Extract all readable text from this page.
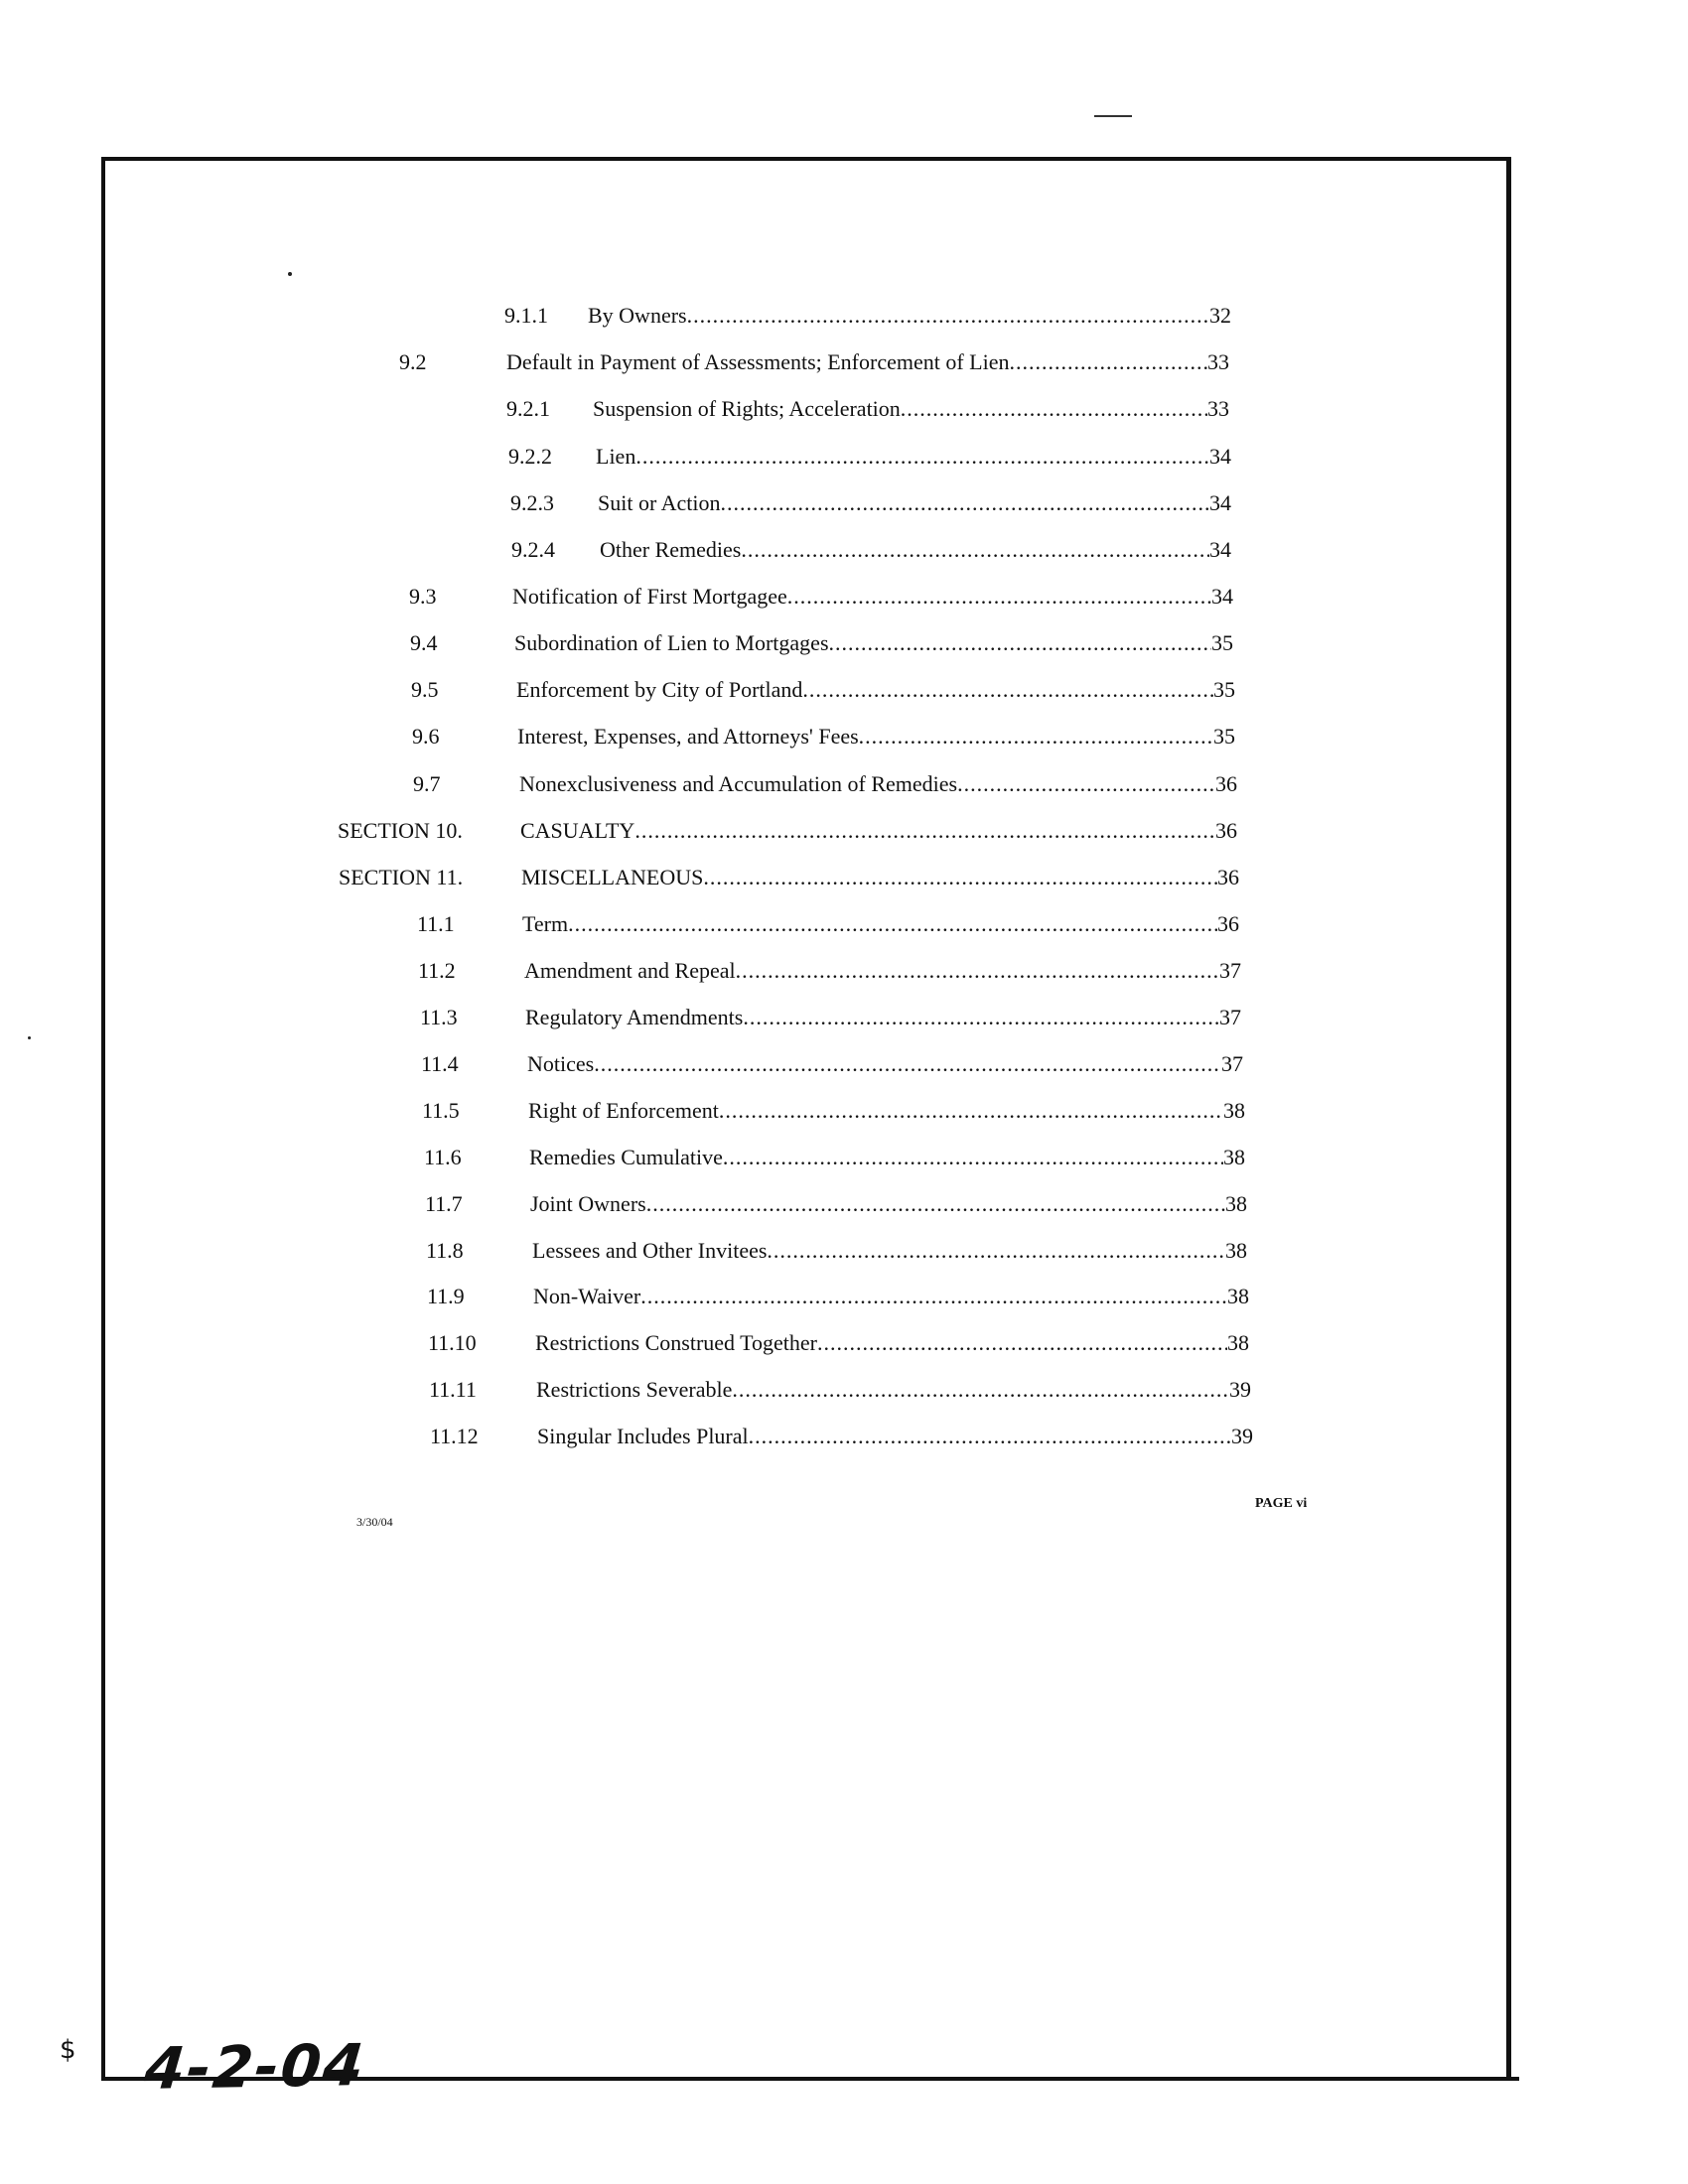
9.1.1 By Owners .....	32
9.2	Default in Payment of Assessments; Enforcement of Lien .....	33
9.2.1 Suspension of Rights; Acceleration .....	33
9.2.2 Lien .....	34
9.2.3 Suit or Action .....	34
9.2.4 Other Remedies .....	34
9.3	Notification of First Mortgagee .....	34
9.4	Subordination of Lien to Mortgages .....	35
9.5	Enforcement by City of Portland .....	35
9.6	Interest, Expenses, and Attorneys' Fees .....	35
9.7	Nonexclusiveness and Accumulation of Remedies .....	36
SECTION 10.	CASUALTY .....	36
SECTION 11.	MISCELLANEOUS .....	36
11.1	Term .....	36
11.2	Amendment and Repeal .....	37
11.3	Regulatory Amendments .....	37
11.4	Notices .....	37
11.5	Right of Enforcement .....	38
11.6	Remedies Cumulative .....	38
11.7	Joint Owners .....	38
11.8	Lessees and Other Invitees .....	38
11.9	Non-Waiver .....	38
11.10	Restrictions Construed Together .....	38
11.11	Restrictions Severable .....	39
11.12	Singular Includes Plural .....	39
3/30/04
PAGE vi
$ 4-2-04
